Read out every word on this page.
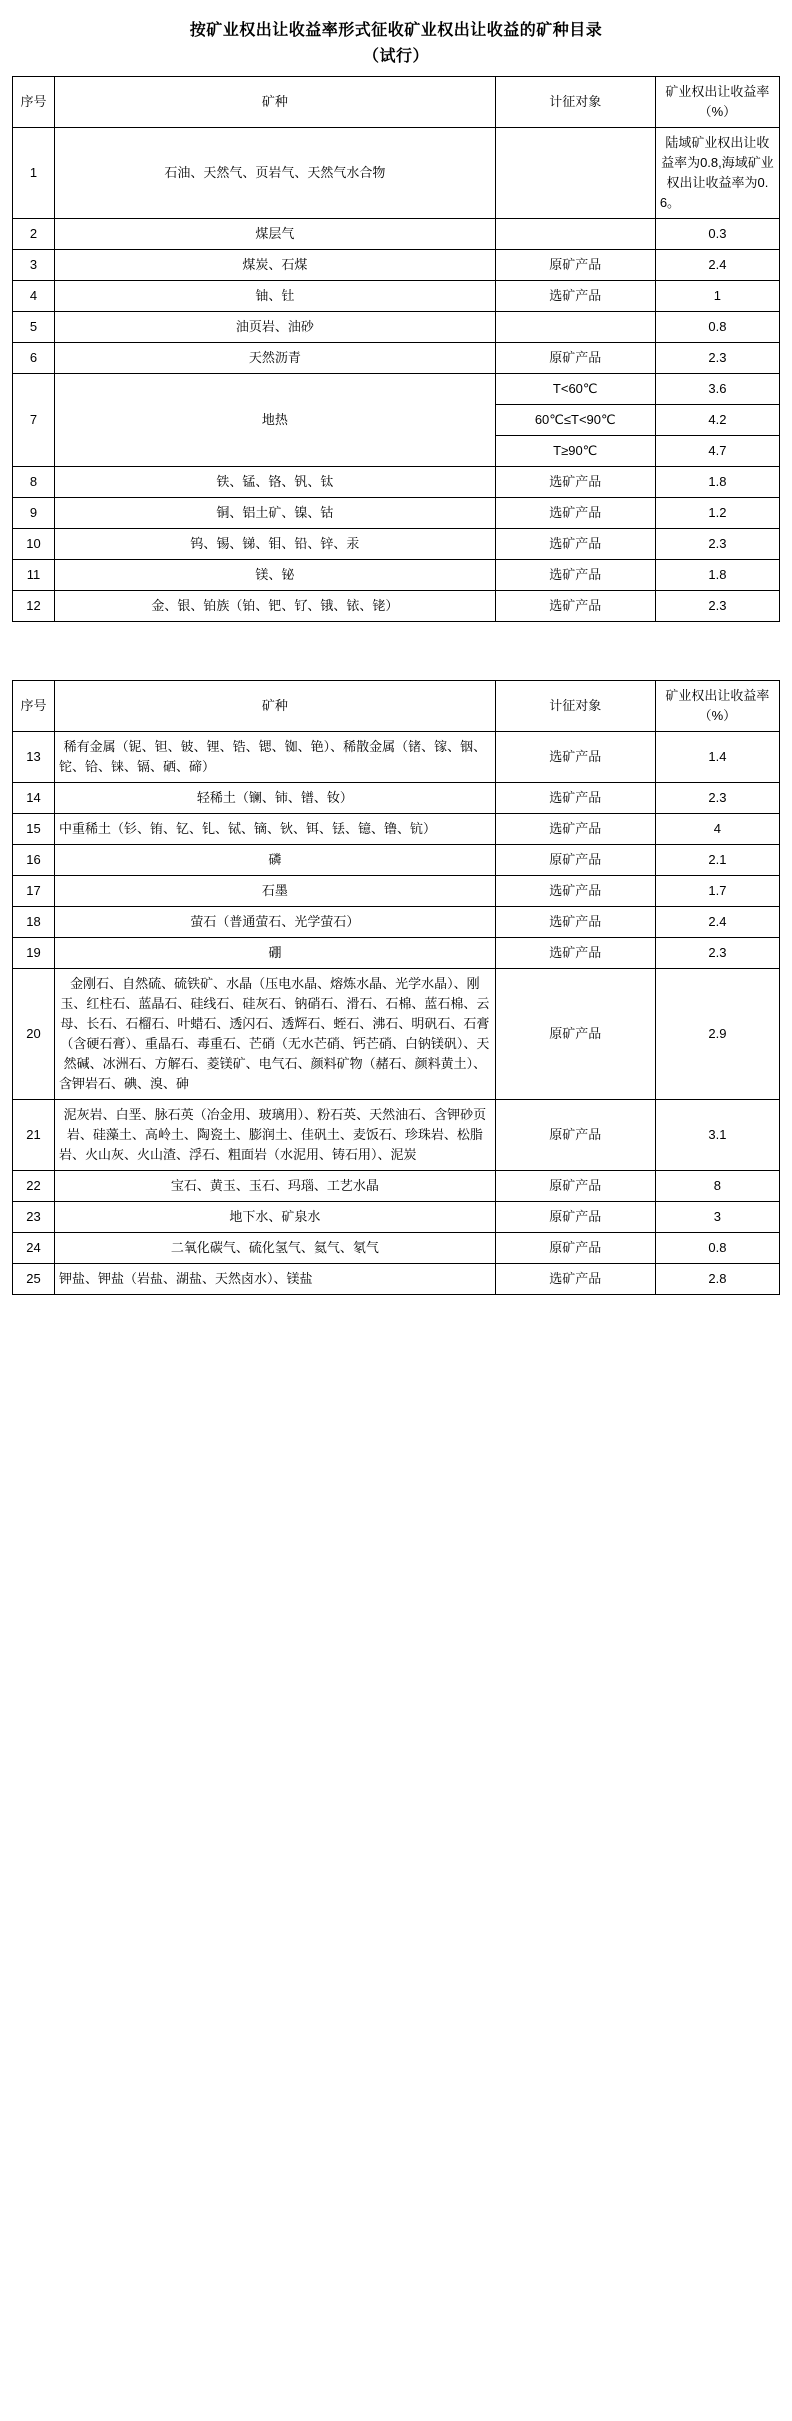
按矿业权出让收益率形式征收矿业权出让收益的矿种目录
（试行）
序号	矿种	计征对象	矿业权出让收益率（%）
1	石油、天然气、页岩气、天然气水合物		陆域矿业权出让收益率为0.8,海域矿业权出让收益率为0.6。
2	煤层气		0.3
3	煤炭、石煤	原矿产品	2.4
4	铀、钍	选矿产品	1
5	油页岩、油砂		0.8
6	天然沥青	原矿产品	2.3
7	地热	T<60℃	3.6
		60℃≤T<90℃	4.2
		T≥90℃	4.7
8	铁、锰、铬、钒、钛	选矿产品	1.8
9	铜、铝土矿、镍、钴	选矿产品	1.2
10	钨、锡、锑、钼、铅、锌、汞	选矿产品	2.3
11	镁、铋	选矿产品	1.8
12	金、银、铂族（铂、钯、钌、锇、铱、铑）	选矿产品	2.3
序号	矿种	计征对象	矿业权出让收益率（%）
13	稀有金属（铌、钽、铍、锂、锆、锶、铷、铯）、稀散金属（锗、镓、铟、铊、铪、铼、镉、硒、碲）	选矿产品	1.4
14	轻稀土（镧、铈、镨、钕）	选矿产品	2.3
15	中重稀土（钐、铕、钇、钆、铽、镝、钬、铒、铥、镱、镥、钪）	选矿产品	4
16	磷	原矿产品	2.1
17	石墨	选矿产品	1.7
18	萤石（普通萤石、光学萤石）	选矿产品	2.4
19	硼	选矿产品	2.3
20	金刚石、自然硫、硫铁矿、水晶（压电水晶、熔炼水晶、光学水晶）、刚玉、红柱石、蓝晶石、硅线石、硅灰石、钠硝石、滑石、石棉、蓝石棉、云母、长石、石榴石、叶蜡石、透闪石、透辉石、蛭石、沸石、明矾石、石膏（含硬石膏）、重晶石、毒重石、芒硝（无水芒硝、钙芒硝、白钠镁矾）、天然碱、冰洲石、方解石、菱镁矿、电气石、颜料矿物（赭石、颜料黄土）、含钾岩石、碘、溴、砷	原矿产品	2.9
21	泥灰岩、白垩、脉石英（冶金用、玻璃用）、粉石英、天然油石、含钾砂页岩、硅藻土、高岭土、陶瓷土、膨润土、佳矾土、麦饭石、珍珠岩、松脂岩、火山灰、火山渣、浮石、粗面岩（水泥用、铸石用）、泥炭	原矿产品	3.1
22	宝石、黄玉、玉石、玛瑙、工艺水晶	原矿产品	8
23	地下水、矿泉水	原矿产品	3
24	二氧化碳气、硫化氢气、氦气、氡气	原矿产品	0.8
25	钾盐、钾盐（岩盐、湖盐、天然卤水）、镁盐	选矿产品	2.8
